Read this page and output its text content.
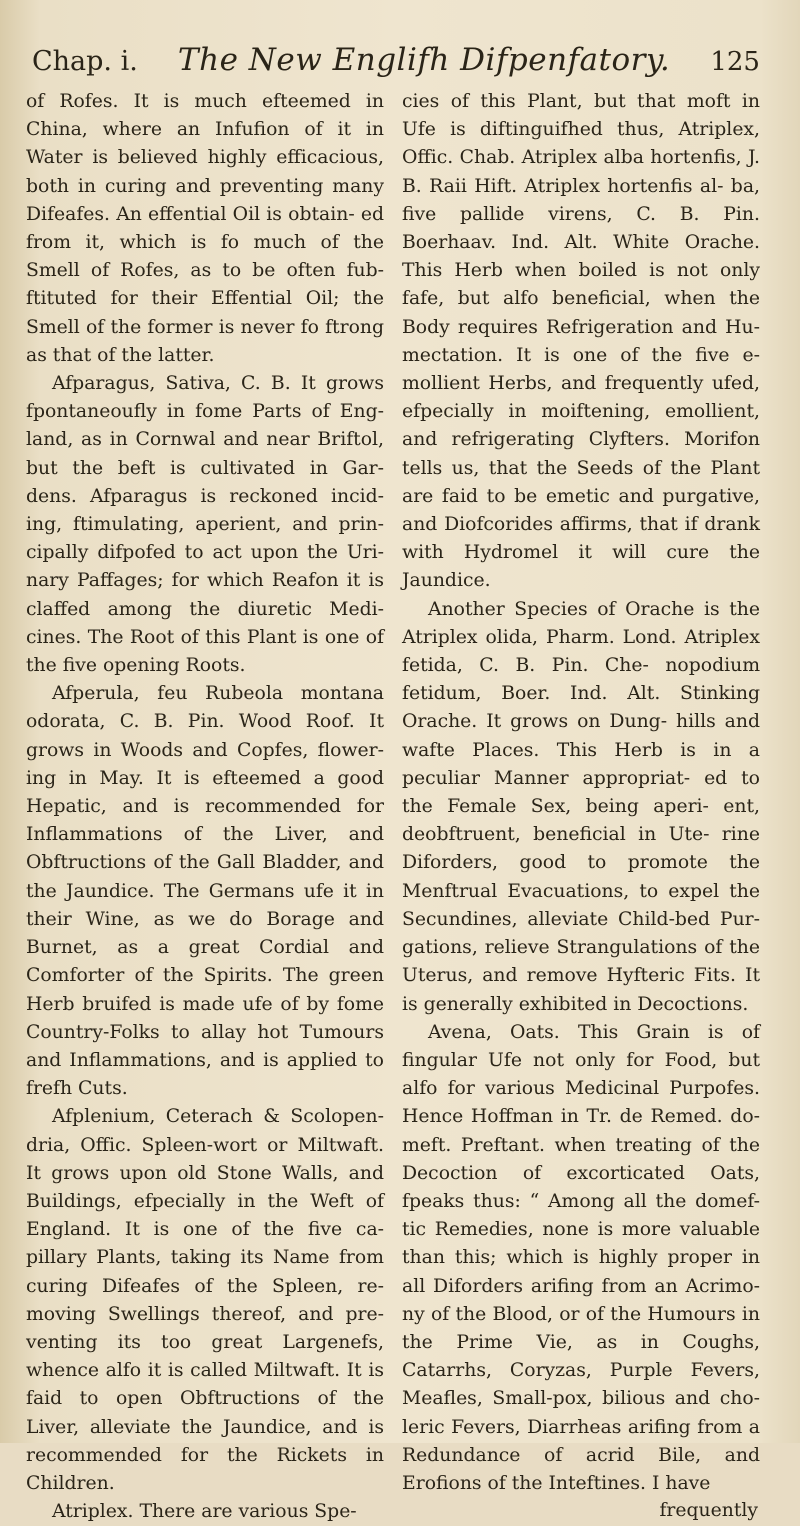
Chap. i. The New Englifh Difpenfatory. 125

of Rofes. It is much efteemed in China, where an Infufion of it in Water is believed highly efficacious, both in curing and preventing many Difeafes. An effential Oil is obtain- ed from it, which is fo much of the Smell of Rofes, as to be often fub- ftituted for their Effential Oil; the Smell of the former is never fo ftrong as that of the latter.

Afparagus, Sativa, C. B. It grows fpontaneoufly in fome Parts of Eng- land, as in Cornwal and near Briftol, but the beft is cultivated in Gar- dens. Afparagus is reckoned incid- ing, ftimulating, aperient, and prin- cipally difpofed to act upon the Uri- nary Paffages; for which Reafon it is claffed among the diuretic Medi- cines. The Root of this Plant is one of the five opening Roots.

Afperula, feu Rubeola montana odorata, C. B. Pin. Wood Roof. It grows in Woods and Copfes, flower- ing in May. It is efteemed a good Hepatic, and is recommended for Inflammations of the Liver, and Obftructions of the Gall Bladder, and the Jaundice. The Germans ufe it in their Wine, as we do Borage and Burnet, as a great Cordial and Comforter of the Spirits. The green Herb bruifed is made ufe of by fome Country-Folks to allay hot Tumours and Inflammations, and is applied to frefh Cuts.

Afplenium, Ceterach & Scolopen- dria, Offic. Spleen-wort or Miltwaft. It grows upon old Stone Walls, and Buildings, efpecially in the Weft of England. It is one of the five ca- pillary Plants, taking its Name from curing Difeafes of the Spleen, re- moving Swellings thereof, and pre- venting its too great Largenefs, whence alfo it is called Miltwaft. It is faid to open Obftructions of the Liver, alleviate the Jaundice, and is recommended for the Rickets in Children.

Atriplex. There are various Spe-

cies of this Plant, but that moft in Ufe is diftinguifhed thus, Atriplex, Offic. Chab. Atriplex alba hortenfis, J. B. Raii Hift. Atriplex hortenfis al- ba, five pallide virens, C. B. Pin. Boerhaav. Ind. Alt. White Orache. This Herb when boiled is not only fafe, but alfo beneficial, when the Body requires Refrigeration and Hu- mectation. It is one of the five e- mollient Herbs, and frequently ufed, efpecially in moiftening, emollient, and refrigerating Clyfters. Morifon tells us, that the Seeds of the Plant are faid to be emetic and purgative, and Diofcorides affirms, that if drank with Hydromel it will cure the Jaundice.

Another Species of Orache is the Atriplex olida, Pharm. Lond. Atriplex fetida, C. B. Pin. Che- nopodium fetidum, Boer. Ind. Alt. Stinking Orache. It grows on Dung- hills and wafte Places. This Herb is in a peculiar Manner appropriat- ed to the Female Sex, being aperi- ent, deobftruent, beneficial in Ute- rine Diforders, good to promote the Menftrual Evacuations, to expel the Secundines, alleviate Child-bed Pur- gations, relieve Strangulations of the Uterus, and remove Hyfteric Fits. It is generally exhibited in Decoctions.

Avena, Oats. This Grain is of fingular Ufe not only for Food, but alfo for various Medicinal Purpofes. Hence Hoffman in Tr. de Remed. do- meft. Preftant. when treating of the Decoction of excorticated Oats, fpeaks thus: “ Among all the domef- tic Remedies, none is more valuable than this; which is highly proper in all Diforders arifing from an Acrimo- ny of the Blood, or of the Humours in the Prime Vie, as in Coughs, Catarrhs, Coryzas, Purple Fevers, Meafles, Small-pox, bilious and cho- leric Fevers, Diarrheas arifing from a Redundance of acrid Bile, and Erofions of the Inteftines. I have

frequently
